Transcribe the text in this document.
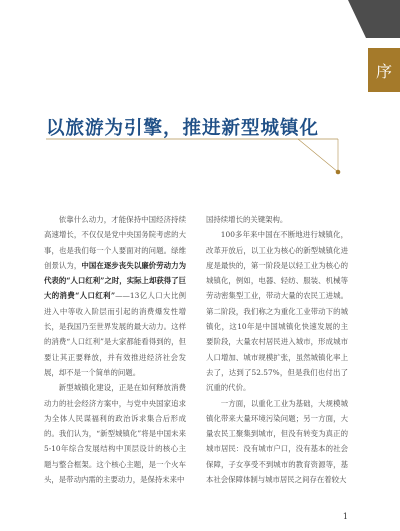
序
以旅游为引擎，推进新型城镇化

依靠什么动力，才能保持中国经济持续高速增长，不仅仅是党中央国务院考虑的大事，也是我们每一个人要面对的问题。绿维创景认为，中国在逐步丧失以廉价劳动力为代表的“人口红利”之时，实际上却获得了巨大的消费“人口红利”——13亿人口大比例进入中等收入阶层而引起的消费爆发性增长，是我国乃至世界发展的最大动力。这样的消费“人口红利”是大家都能看得到的，但要让其正要释放，并有效推进经济社会发展，却不是一个简单的问题。

新型城镇化建设，正是在如何释放消费动力的社会经济方案中，与党中央国家追求为全体人民谋福利的政治诉求集合后形成的。我们认为，“新型城镇化”将是中国未来5-10年综合发展结构中顶层设计的核心主题与整合框架。这个核心主题，是一个火车头，是带动内需的主要动力，是保持未来中

国持续增长的关键架构。

100多年来中国在不断地进行城镇化，改革开放后，以工业为核心的新型城镇化进度是最快的，第一阶段是以轻工业为核心的城镇化，例如，电器、轻纺、服装、机械等劳动密集型工业，带动大量的农民工进城。第二阶段，我们称之为重化工业带动下的城镇化，这10年是中国城镇化快速发展的主要阶段，大量农村居民进入城市，形成城市人口增加、城市规模扩张，虽然城镇化率上去了，达到了52.57%，但是我们也付出了沉重的代价。

一方面，以重化工业为基础，大规模城镇化带来大量环境污染问题；另一方面，大量农民工聚集到城市，但没有转变为真正的城市居民：没有城市户口，没有基本的社会保障，子女享受不到城市的教育资源等，基本社会保障体制与城市居民之间存在着较大

1
